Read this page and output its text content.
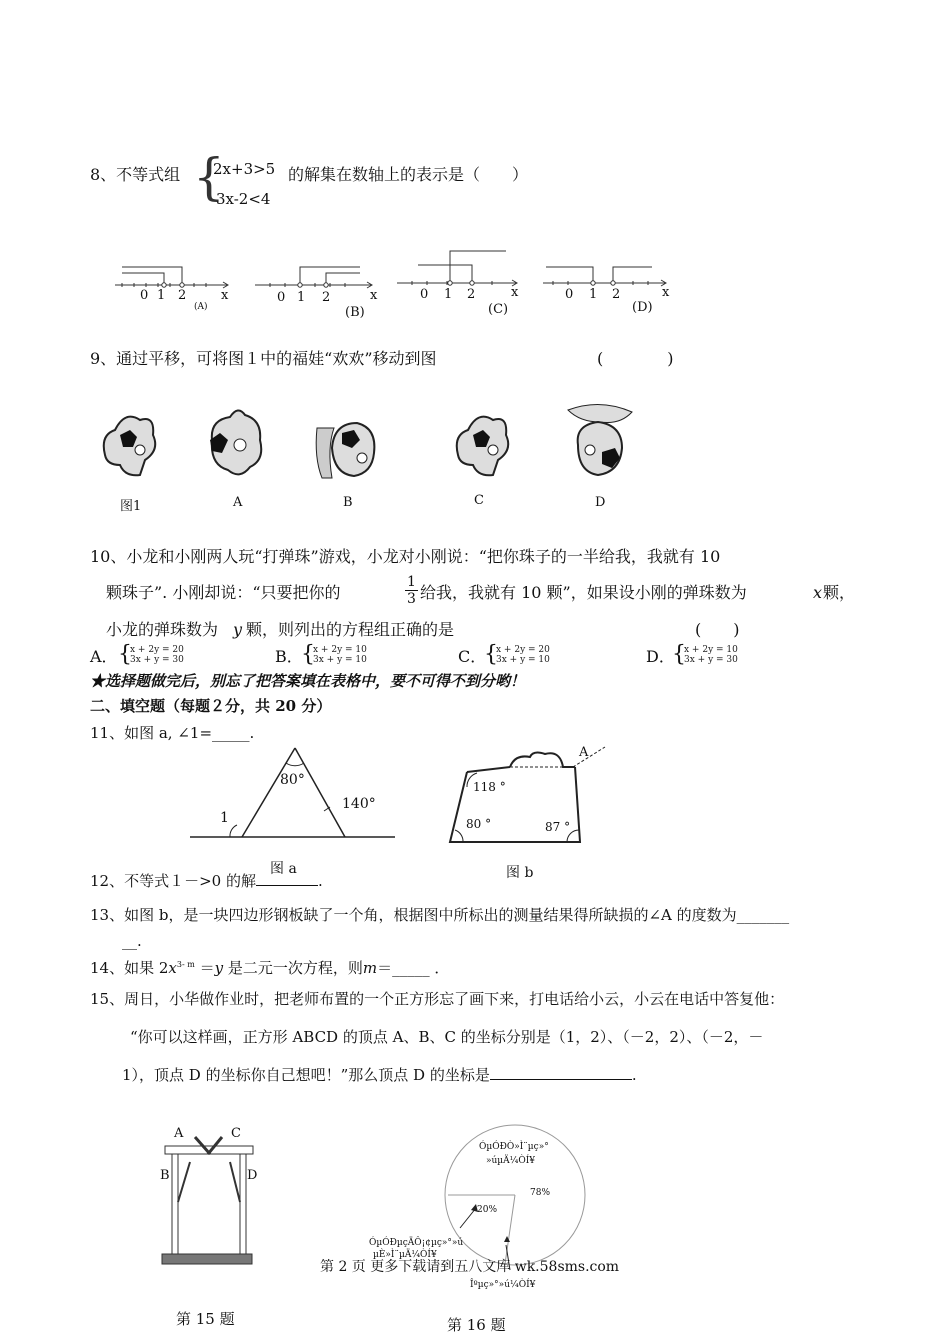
8、不等式组 {
2x+3>5
3x-2<4
的解集在数轴上的表示是（　　）
0 1 2	x
(A)
0 1 2	x
(B)
0 1 2	x
(C)
0 1 2	x
(D)
9、通过平移，可将图１中的福娃“欢欢”移动到图	(　　　　)
图1	A	B	C	D
10、小龙和小刚两人玩“打弹珠”游戏，小龙对小刚说：“把你珠子的一半给我，我就有 10
颗珠子”. 小刚却说：“只要把你的	$\frac{1}{3}$ 给我，我就有 10 颗”，如果设小刚的弹珠数为	x 颗，
小龙的弹珠数为 y 颗，则列出的方程组正确的是	(　　)
A． {
x + 2y = 20
3x + y = 30	B．
{
x + 2y = 10
3x + y = 10	C．
{
x + 2y = 20
3x + y = 10	D．
{
x + 2y = 10
3x + y = 30
★选择题做完后，别忘了把答案填在表格中，要不可得不到分哟！
二、填空题（每题２分，共 20 分）
11、如图 a, ∠1=_____.
80°
140°
1
图 a
118 °
80 °	87 °
A
图 b
12、不等式１－>0 的解	.
13、如图 b，是一块四边形钢板缺了一个角，根据图中所标出的测量结果得所缺损的∠A 的度数为_______
__.
14、如果 $2x^{3- m} =y$ 是二元一次方程，则m＝_____ ．
15、周日，小华做作业时，把老师布置的一个正方形忘了画下来，打电话给小云，小云在电话中答复他：
“你可以这样画，正方形 ABCD 的顶点 A、B、C 的坐标分别是（1，2）、（－2，2）、（－2，－
1），顶点 D 的坐标你自己想吧！”那么顶点 D 的坐标是	.
A	C
B	D
第 15 题
ÓµÓÐÒ»Ì¨µç»°
»úµÄ¼ÒÍ¥
78%
20%
ÓµÓÐµçÄÔ¡¢µç»°»ú
µÈ»Ì¨µÄ¼ÒÍ¥
Îºµç»°»ú¼ÒÍ¥
第 16 题
第 2 页 更多下载请到五八文库 wk.58sms.com
